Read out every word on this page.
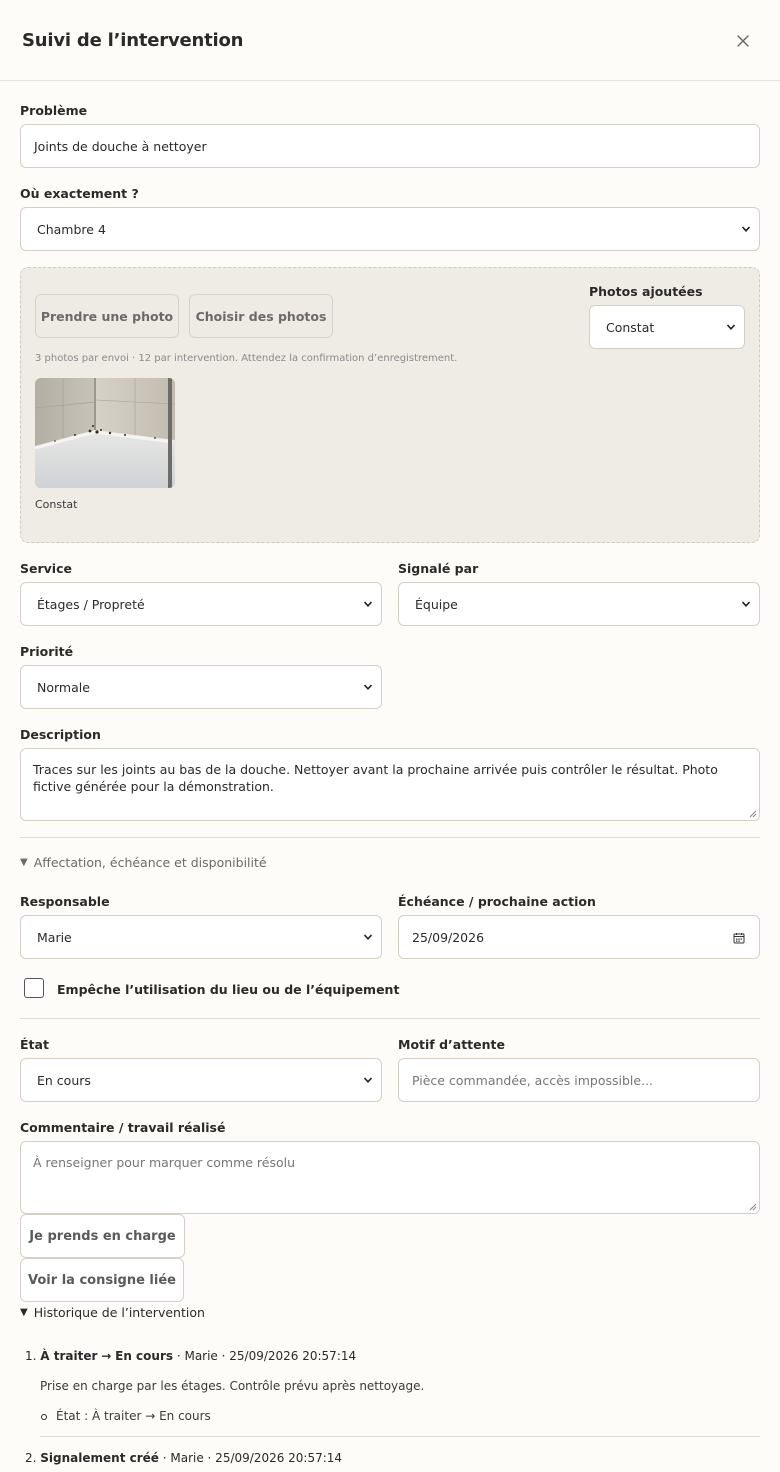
Suivi de l’intervention
Problème
Joints de douche à nettoyer
Où exactement ?
Chambre 4
Prendre une photo	Choisir des photos
3 photos par envoi · 12 par intervention. Attendez la confirmation d’enregistrement.
Photos ajoutées
Constat
Constat
Service
Étages / Propreté
Signalé par
Équipe
Priorité
Normale
Description
Traces sur les joints au bas de la douche. Nettoyer avant la prochaine arrivée puis contrôler le résultat. Photo fictive générée pour la démonstration.
▼ Affectation, échéance et disponibilité
Responsable
Marie
Échéance / prochaine action
25/09/2026
Empêche l’utilisation du lieu ou de l’équipement
État
En cours
Motif d’attente
Pièce commandée, accès impossible...
Commentaire / travail réalisé
À renseigner pour marquer comme résolu
Je prends en charge
Voir la consigne liée
▼ Historique de l’intervention
1. À traiter → En cours · Marie · 25/09/2026 20:57:14
Prise en charge par les étages. Contrôle prévu après nettoyage.
État : À traiter → En cours
2. Signalement créé · Marie · 25/09/2026 20:57:14
